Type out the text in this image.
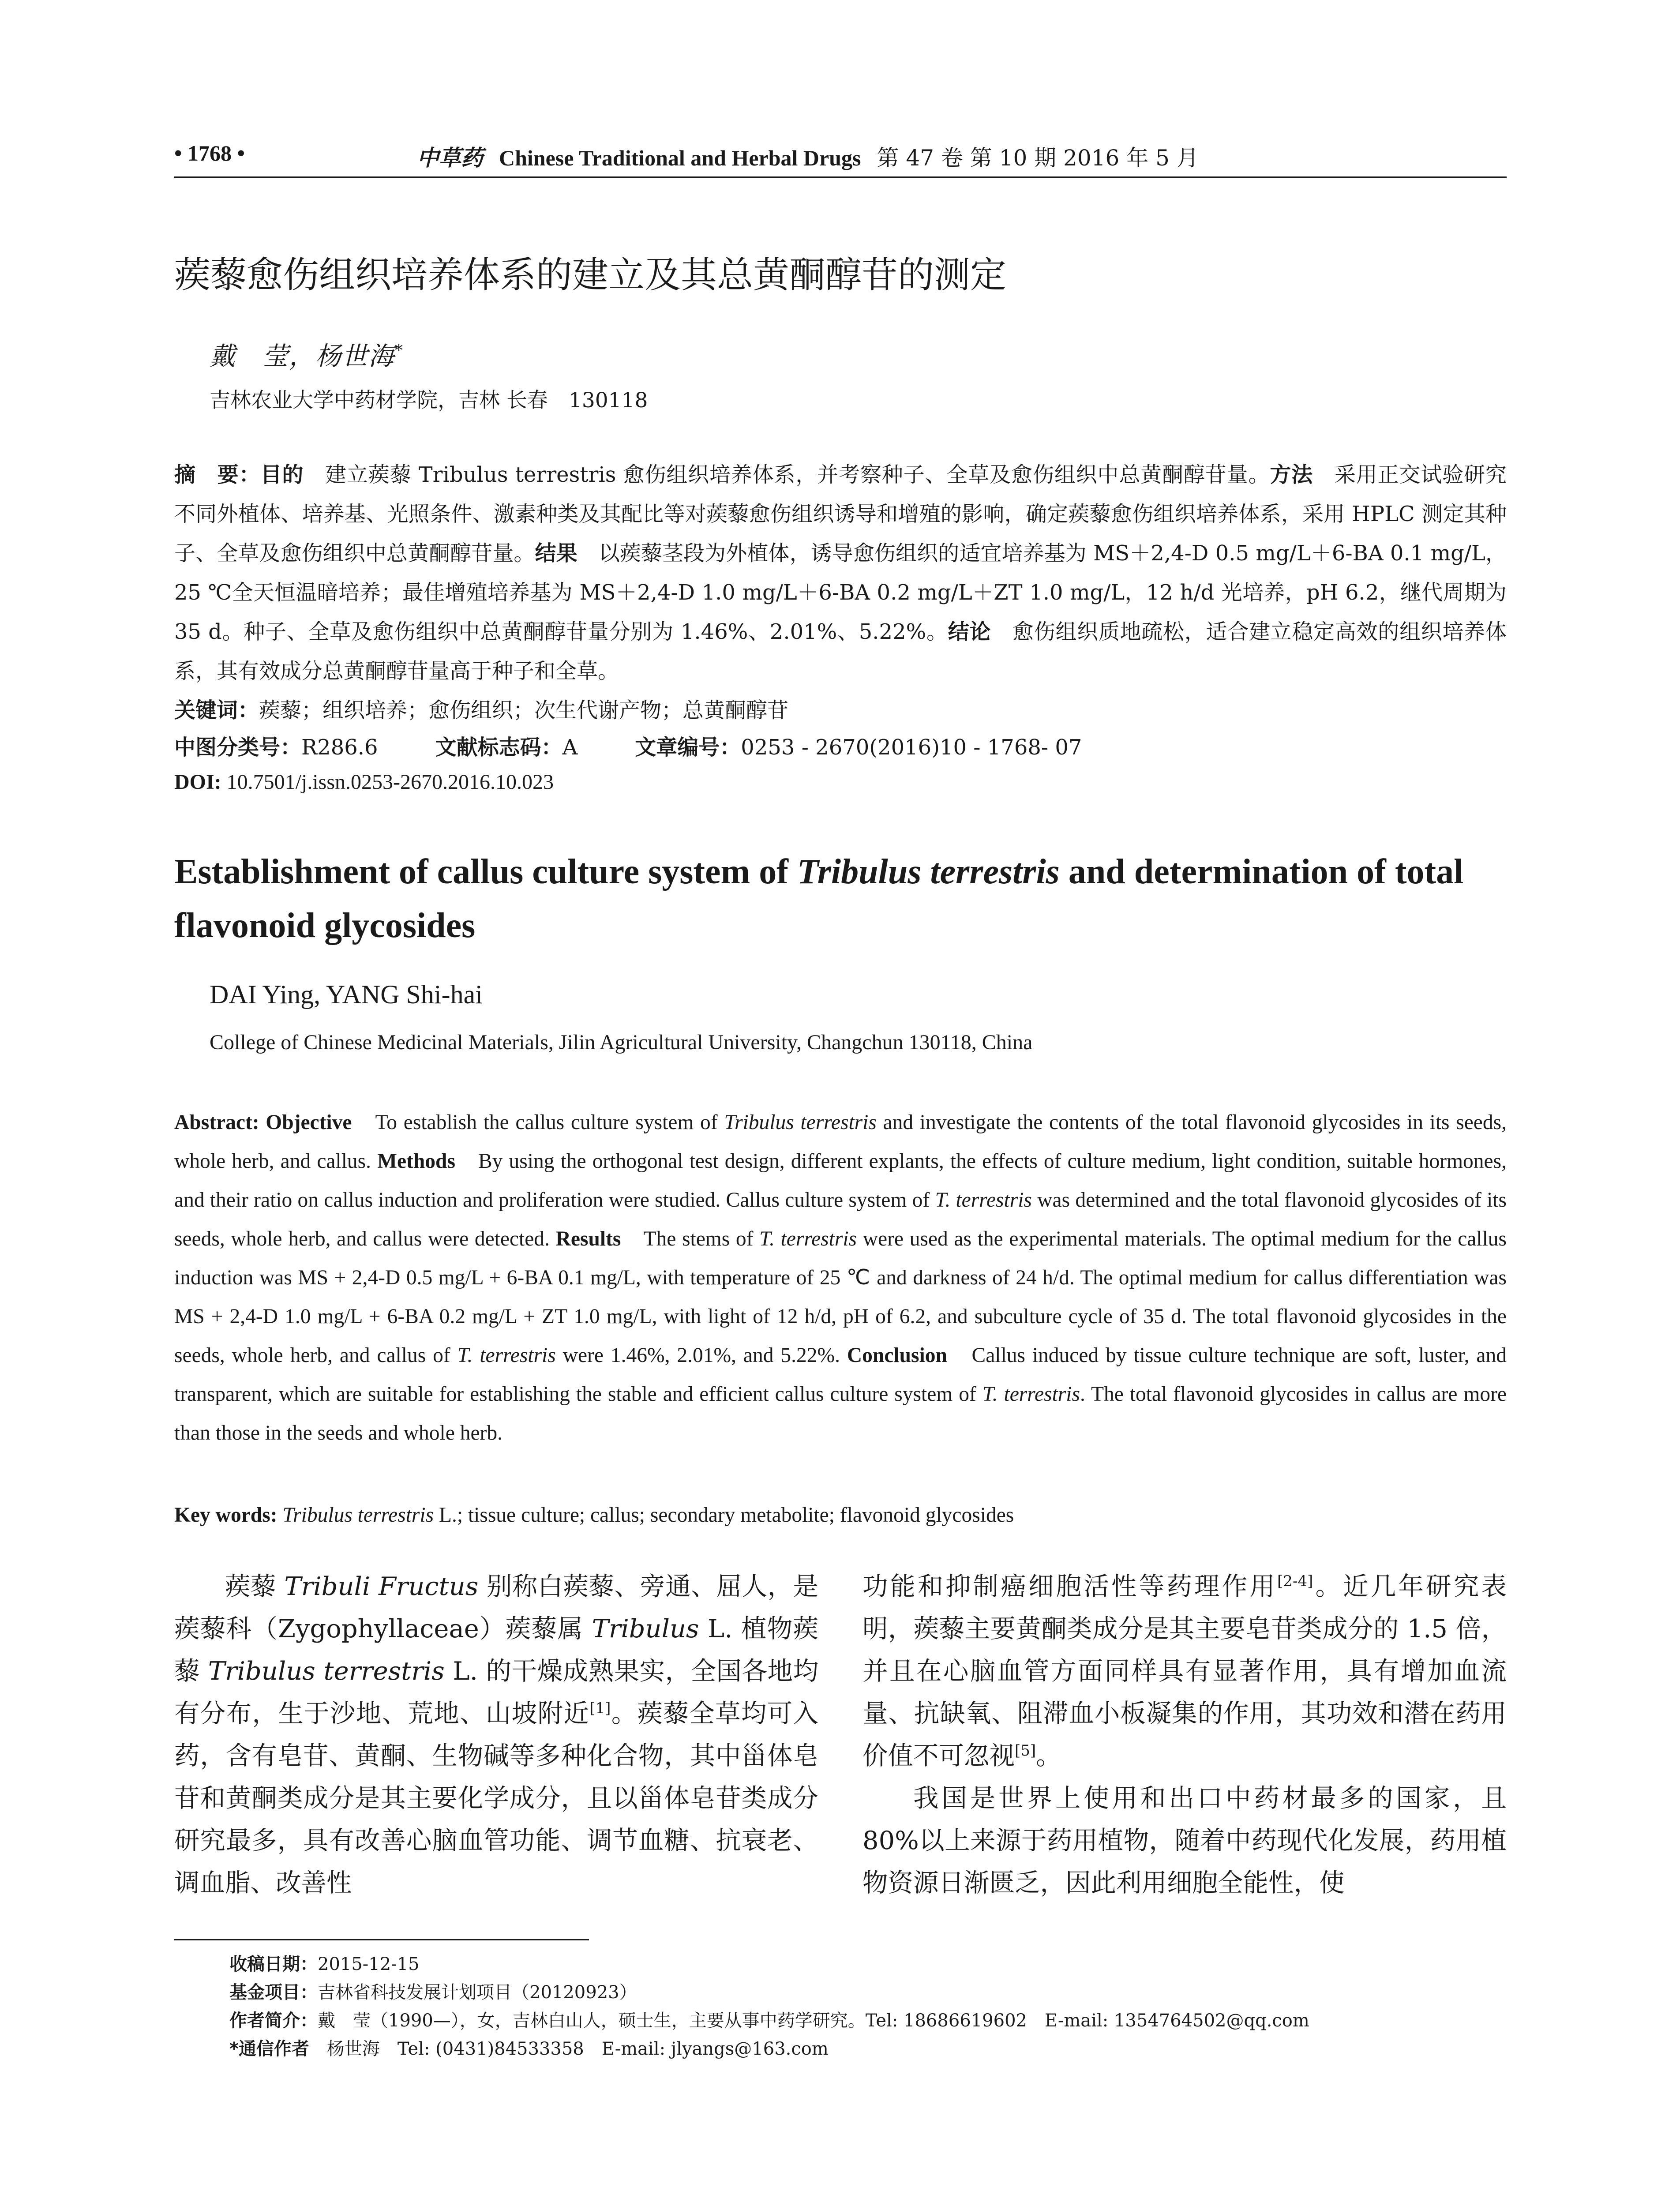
• 1768 •	中草药 Chinese Traditional and Herbal Drugs 第 47 卷 第 10 期 2016 年 5 月
蒺藜愈伤组织培养体系的建立及其总黄酮醇苷的测定
戴　莹，杨世海*
吉林农业大学中药材学院，吉林 长春　130118
摘　要：目的　建立蒺藜 Tribulus terrestris 愈伤组织培养体系，并考察种子、全草及愈伤组织中总黄酮醇苷量。方法　采用正交试验研究不同外植体、培养基、光照条件、激素种类及其配比等对蒺藜愈伤组织诱导和增殖的影响，确定蒺藜愈伤组织培养体系，采用 HPLC 测定其种子、全草及愈伤组织中总黄酮醇苷量。结果　以蒺藜茎段为外植体，诱导愈伤组织的适宜培养基为 MS＋2,4-D 0.5 mg/L＋6-BA 0.1 mg/L，25 ℃全天恒温暗培养；最佳增殖培养基为 MS＋2,4-D 1.0 mg/L＋6-BA 0.2 mg/L＋ZT 1.0 mg/L，12 h/d 光培养，pH 6.2，继代周期为 35 d。种子、全草及愈伤组织中总黄酮醇苷量分别为 1.46%、2.01%、5.22%。结论　愈伤组织质地疏松，适合建立稳定高效的组织培养体系，其有效成分总黄酮醇苷量高于种子和全草。
关键词：蒺藜；组织培养；愈伤组织；次生代谢产物；总黄酮醇苷
中图分类号：R286.6	文献标志码：A	文章编号：0253 - 2670(2016)10 - 1768- 07
DOI: 10.7501/j.issn.0253-2670.2016.10.023
Establishment of callus culture system of Tribulus terrestris and determination of total flavonoid glycosides
DAI Ying, YANG Shi-hai
College of Chinese Medicinal Materials, Jilin Agricultural University, Changchun 130118, China
Abstract: Objective　To establish the callus culture system of Tribulus terrestris and investigate the contents of the total flavonoid glycosides in its seeds, whole herb, and callus. Methods　By using the orthogonal test design, different explants, the effects of culture medium, light condition, suitable hormones, and their ratio on callus induction and proliferation were studied. Callus culture system of T. terrestris was determined and the total flavonoid glycosides of its seeds, whole herb, and callus were detected. Results　The stems of T. terrestris were used as the experimental materials. The optimal medium for the callus induction was MS + 2,4-D 0.5 mg/L + 6-BA 0.1 mg/L, with temperature of 25 ℃ and darkness of 24 h/d. The optimal medium for callus differentiation was MS + 2,4-D 1.0 mg/L + 6-BA 0.2 mg/L + ZT 1.0 mg/L, with light of 12 h/d, pH of 6.2, and subculture cycle of 35 d. The total flavonoid glycosides in the seeds, whole herb, and callus of T. terrestris were 1.46%, 2.01%, and 5.22%. Conclusion　Callus induced by tissue culture technique are soft, luster, and transparent, which are suitable for establishing the stable and efficient callus culture system of T. terrestris. The total flavonoid glycosides in callus are more than those in the seeds and whole herb.
Key words: Tribulus terrestris L.; tissue culture; callus; secondary metabolite; flavonoid glycosides

蒺藜 Tribuli Fructus 别称白蒺藜、旁通、屈人，是蒺藜科（Zygophyllaceae）蒺藜属 Tribulus L. 植物蒺藜 Tribulus terrestris L. 的干燥成熟果实，全国各地均有分布，生于沙地、荒地、山坡附近[1]。蒺藜全草均可入药，含有皂苷、黄酮、生物碱等多种化合物，其中甾体皂苷和黄酮类成分是其主要化学成分，且以甾体皂苷类成分研究最多，具有改善心脑血管功能、调节血糖、抗衰老、调血脂、改善性

功能和抑制癌细胞活性等药理作用[2-4]。近几年研究表明，蒺藜主要黄酮类成分是其主要皂苷类成分的 1.5 倍，并且在心脑血管方面同样具有显著作用，具有增加血流量、抗缺氧、阻滞血小板凝集的作用，其功效和潜在药用价值不可忽视[5]。

我国是世界上使用和出口中药材最多的国家，且 80%以上来源于药用植物，随着中药现代化发展，药用植物资源日渐匮乏，因此利用细胞全能性，使

收稿日期：2015-12-15
基金项目：吉林省科技发展计划项目（20120923）
作者简介：戴　莹（1990—），女，吉林白山人，硕士生，主要从事中药学研究。Tel: 18686619602　E-mail: 1354764502@qq.com
*通信作者　杨世海　Tel: (0431)84533358　E-mail: jlyangs@163.com
